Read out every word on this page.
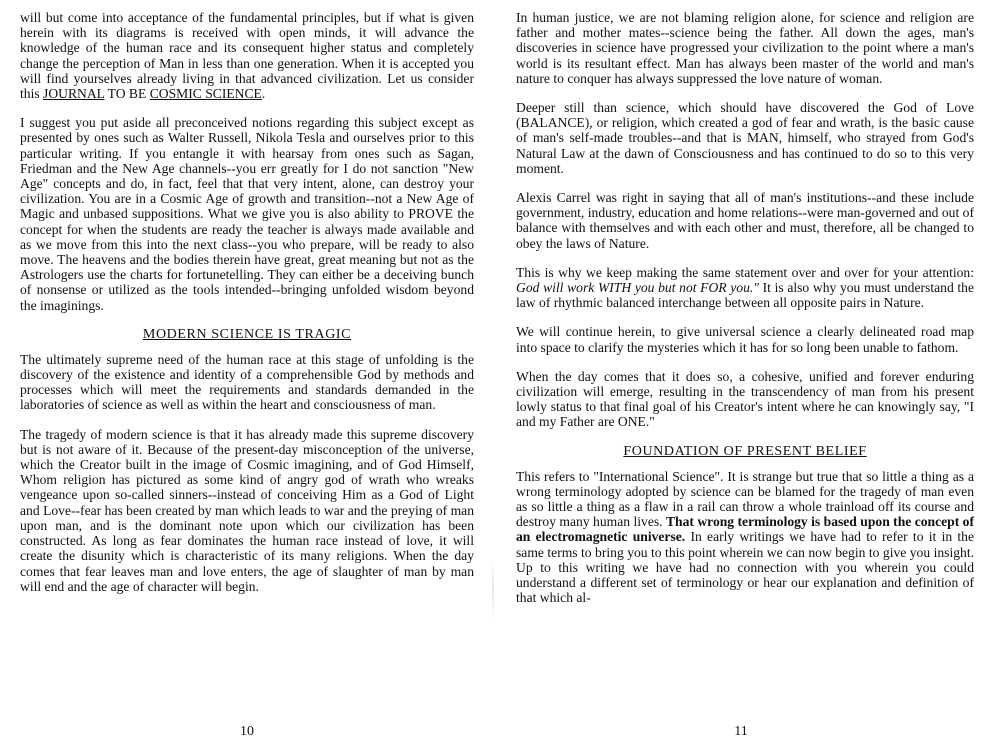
will but come into acceptance of the fundamental principles, but if what is given herein with its diagrams is received with open minds, it will advance the knowledge of the human race and its consequent higher status and completely change the perception of Man in less than one generation. When it is accepted you will find yourselves already living in that advanced civilization. Let us consider this JOURNAL TO BE COSMIC SCIENCE.

I suggest you put aside all preconceived notions regarding this subject except as presented by ones such as Walter Russell, Nikola Tesla and ourselves prior to this particular writing. If you entangle it with hearsay from ones such as Sagan, Friedman and the New Age channels--you err greatly for I do not sanction "New Age" concepts and do, in fact, feel that that very intent, alone, can destroy your civilization. You are in a Cosmic Age of growth and transition--not a New Age of Magic and unbased suppositions. What we give you is also ability to PROVE the concept for when the students are ready the teacher is always made available and as we move from this into the next class--you who prepare, will be ready to also move. The heavens and the bodies therein have great, great meaning but not as the Astrologers use the charts for fortunetelling. They can either be a deceiving bunch of nonsense or utilized as the tools intended--bringing unfolded wisdom beyond the imaginings.

MODERN SCIENCE IS TRAGIC

The ultimately supreme need of the human race at this stage of unfolding is the discovery of the existence and identity of a comprehensible God by methods and processes which will meet the requirements and standards demanded in the laboratories of science as well as within the heart and consciousness of man.

The tragedy of modern science is that it has already made this supreme discovery but is not aware of it. Because of the present-day misconception of the universe, which the Creator built in the image of Cosmic imagining, and of God Himself, Whom religion has pictured as some kind of angry god of wrath who wreaks vengeance upon so-called sinners--instead of conceiving Him as a God of Light and Love--fear has been created by man which leads to war and the preying of man upon man, and is the dominant note upon which our civilization has been constructed. As long as fear dominates the human race instead of love, it will create the disunity which is characteristic of its many religions. When the day comes that fear leaves man and love enters, the age of slaughter of man by man will end and the age of character will begin.

10

In human justice, we are not blaming religion alone, for science and religion are father and mother mates--science being the father. All down the ages, man's discoveries in science have progressed your civilization to the point where a man's world is its resultant effect. Man has always been master of the world and man's nature to conquer has always suppressed the love nature of woman.

Deeper still than science, which should have discovered the God of Love (BALANCE), or religion, which created a god of fear and wrath, is the basic cause of man's self-made troubles--and that is MAN, himself, who strayed from God's Natural Law at the dawn of Consciousness and has continued to do so to this very moment.

Alexis Carrel was right in saying that all of man's institutions--and these include government, industry, education and home relations--were man-governed and out of balance with themselves and with each other and must, therefore, all be changed to obey the laws of Nature.

This is why we keep making the same statement over and over for your attention: God will work WITH you but not FOR you." It is also why you must understand the law of rhythmic balanced interchange between all opposite pairs in Nature.

We will continue herein, to give universal science a clearly delineated road map into space to clarify the mysteries which it has for so long been unable to fathom.

When the day comes that it does so, a cohesive, unified and forever enduring civilization will emerge, resulting in the transcendency of man from his present lowly status to that final goal of his Creator's intent where he can knowingly say, "I and my Father are ONE."

FOUNDATION OF PRESENT BELIEF

This refers to "International Science". It is strange but true that so little a thing as a wrong terminology adopted by science can be blamed for the tragedy of man even as so little a thing as a flaw in a rail can throw a whole trainload off its course and destroy many human lives. That wrong terminology is based upon the concept of an electromagnetic universe. In early writings we have had to refer to it in the same terms to bring you to this point wherein we can now begin to give you insight. Up to this writing we have had no connection with you wherein you could understand a different set of terminology or hear our explanation and definition of that which al-

11
